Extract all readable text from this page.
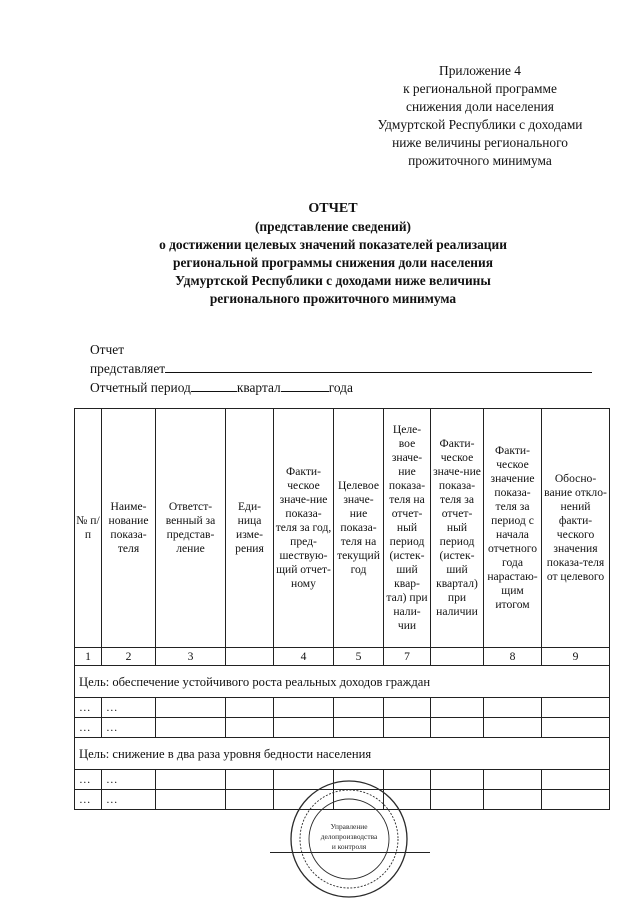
Приложение 4
к региональной программе
снижения доли населения
Удмуртской Республики с доходами
ниже величины регионального
прожиточного минимума
ОТЧЕТ
(представление сведений)
о достижении целевых значений показателей реализации
региональной программы снижения доли населения
Удмуртской Республики с доходами ниже величины
регионального прожиточного минимума
Отчет
представляет
Отчетный период	квартал	года
№ п/п	Наиме-нование показа-теля	Ответст-венный за представ-ление	Еди-ница изме-рения	Факти-ческое значе-ние показа-теля за год, пред-шествую-щий отчет-ному	Целевое значе-ние показа-теля на текущий год	Целе-вое значе-ние показа-теля на отчет-ный период (истек-ший квар-тал) при нали-чии	Факти-ческое значе-ние показа-теля за отчет-ный период (истек-ший квартал) при наличии	Факти-ческое значение показа-теля за период с начала отчетного года нарастаю-щим итогом	Обосно-вание откло-нений факти-ческого значения показа-теля от целевого
1	2	3		4	5	7		8	9
Цель: обеспечение устойчивого роста реальных доходов граждан									
…	…								
…	…								
Цель: снижение в два раза уровня бедности населения									
…	…								
…	…								
Управление
делопроизводства
и контроля
